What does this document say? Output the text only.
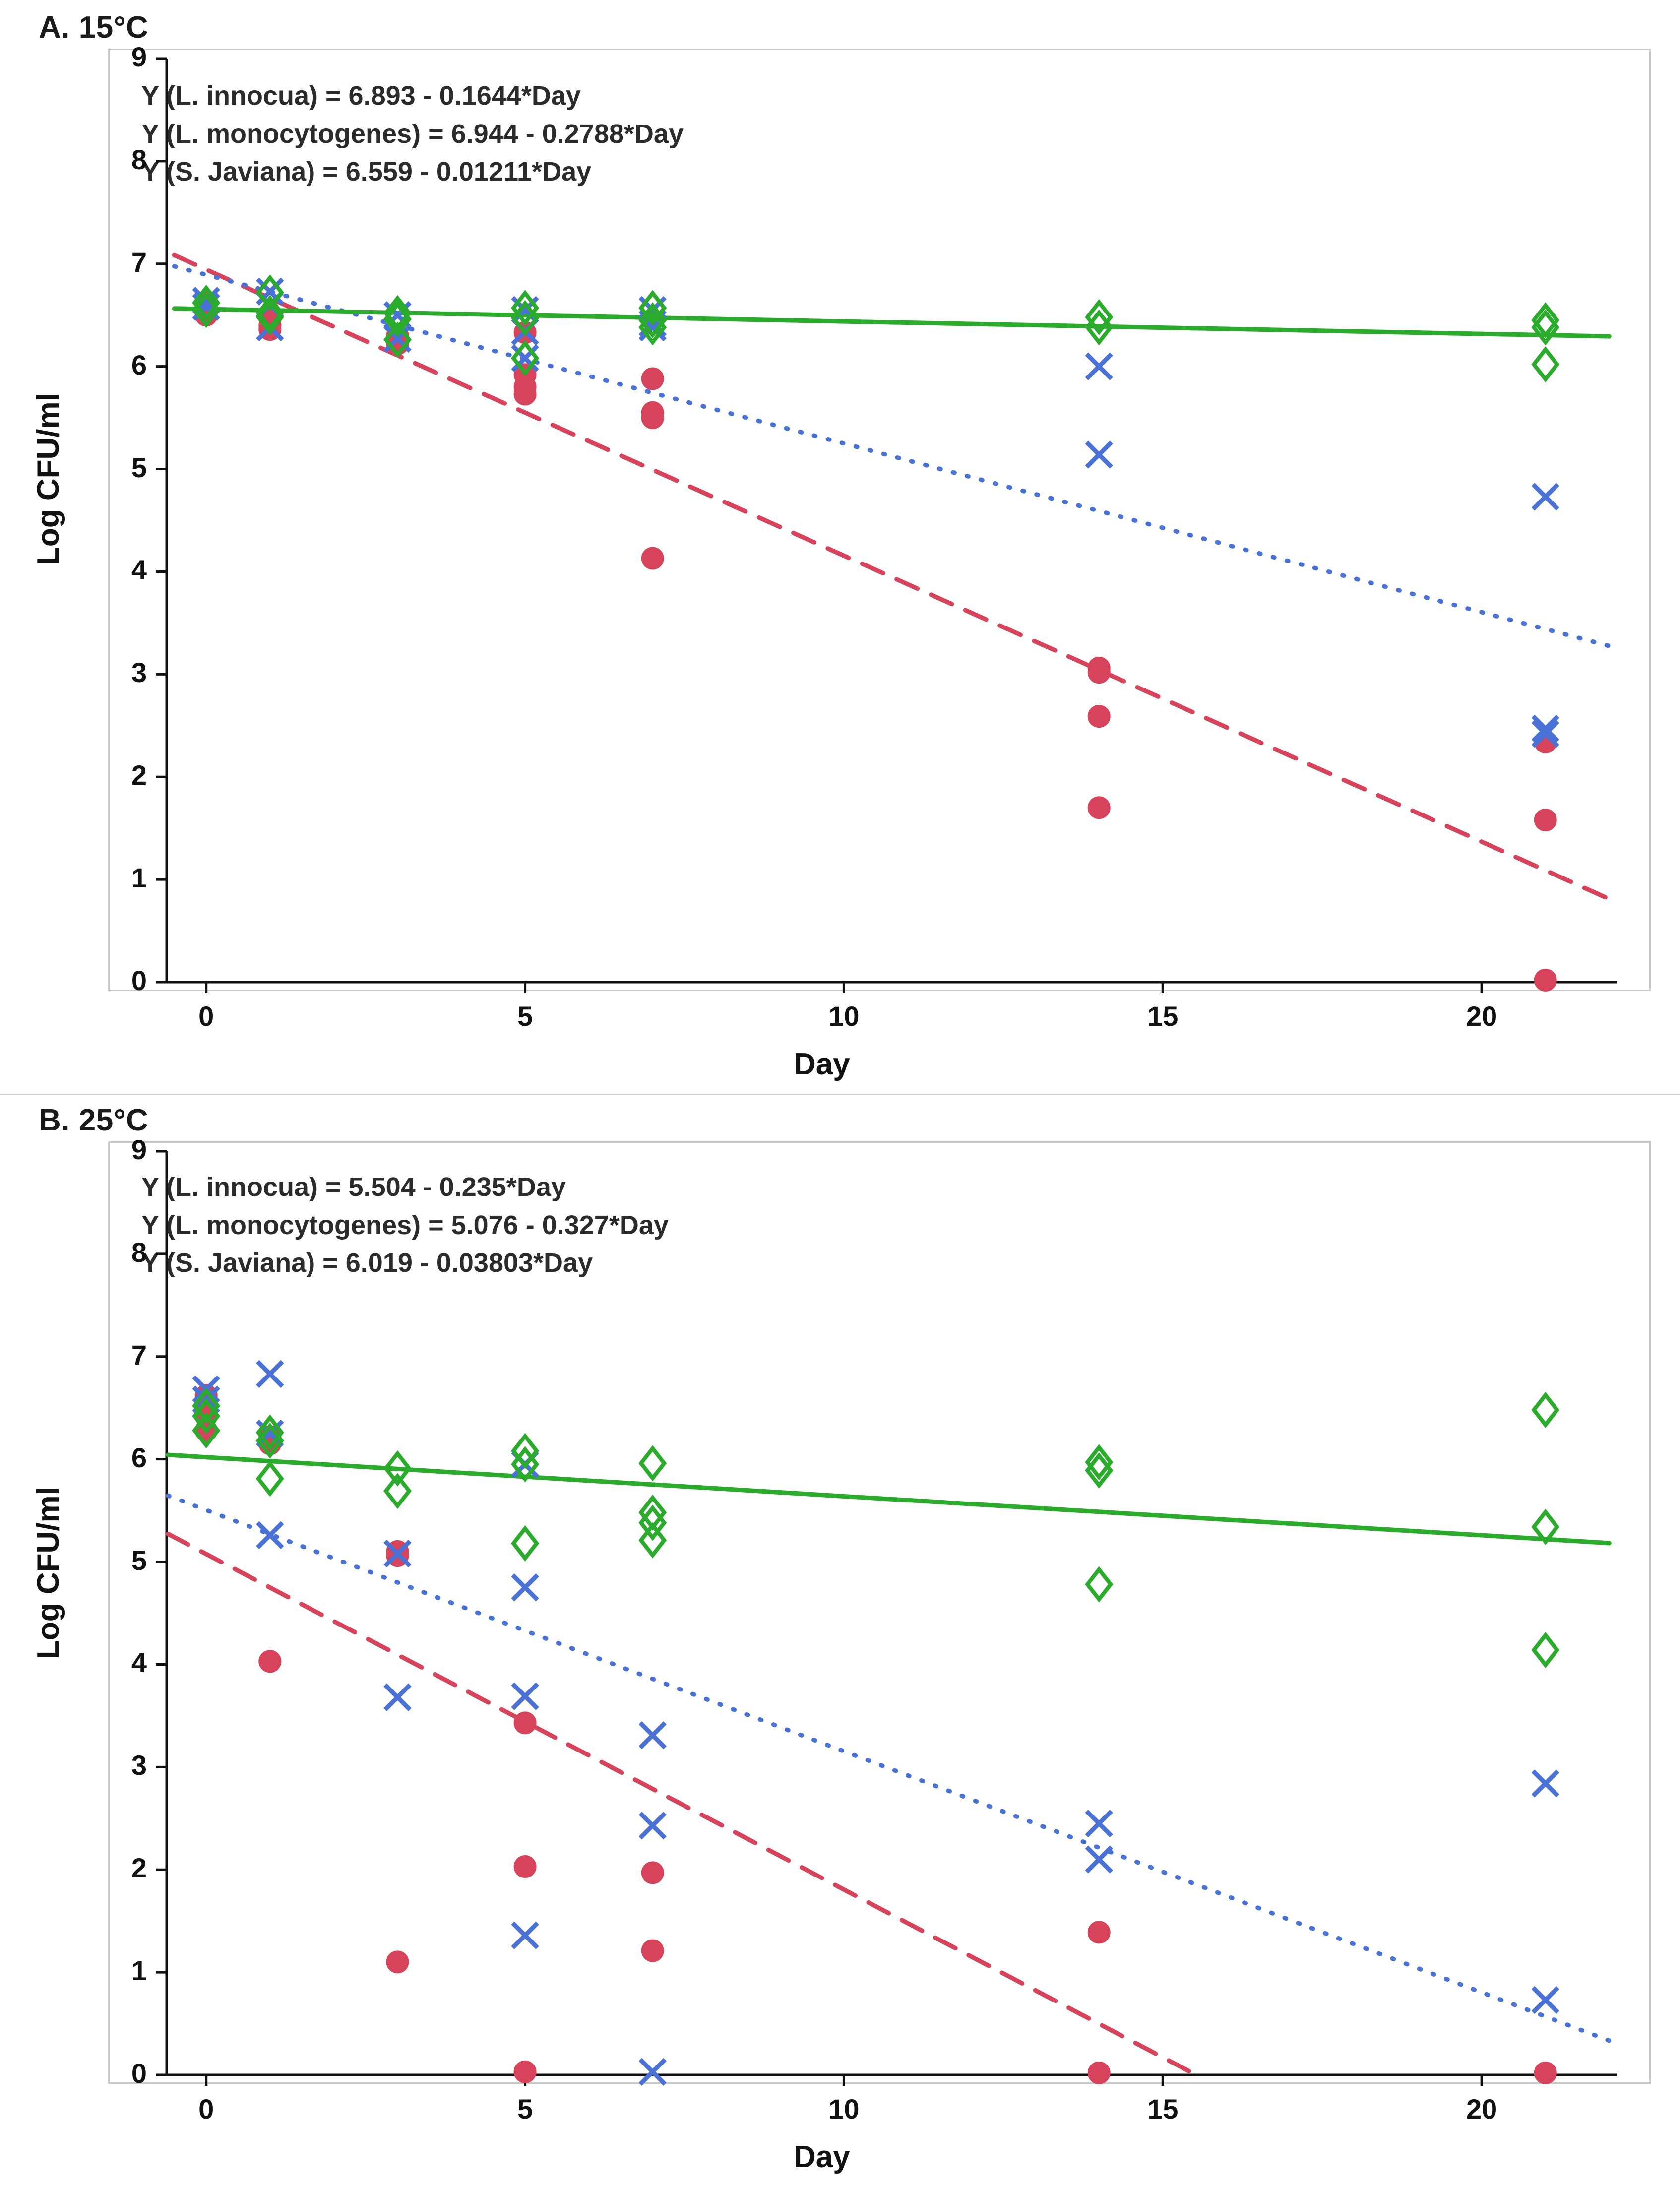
A. 15°C
Y (L. innocua) = 6.893 - 0.1644*Day
Y (L. monocytogenes) = 6.944 - 0.2788*Day
Y (S. Javiana) = 6.559 - 0.01211*Day
Log CFU/ml
Day
0
1
2
3
4
5
6
7
8
9
0	5	10	15	20
B. 25°C
Y (L. innocua) = 5.504 - 0.235*Day
Y (L. monocytogenes) = 5.076 - 0.327*Day
Y (S. Javiana) = 6.019 - 0.03803*Day
Log CFU/ml
Day
0
1
2
3
4
5
6
7
8
9
0	5	10	15	20
